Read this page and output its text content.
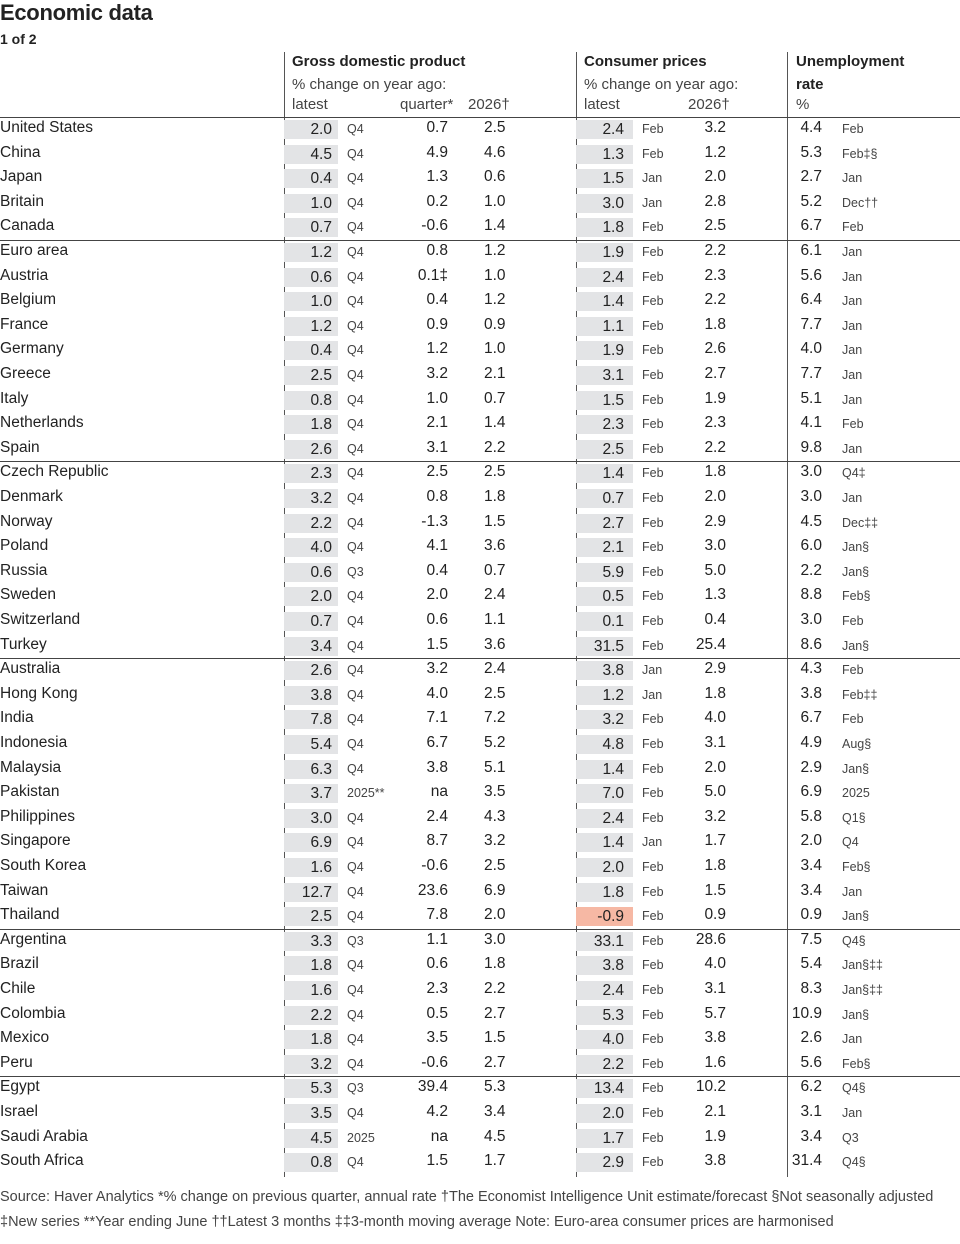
Economic data
1 of 2
Gross domestic product
% change on year ago:
latest	quarter* 2026†
Consumer prices
% change on year ago:
latest	2026†
Unemployment
rate
%
United States	2.0	Q4	0.7 2.5	2.4	Feb	3.2	4.4 Feb
China	4.5	Q4	4.9 4.6	1.3	Feb	1.2	5.3 Feb‡§
Japan	0.4	Q4	1.3 0.6	1.5	Jan	2.0	2.7 Jan
Britain	1.0	Q4	0.2 1.0	3.0	Jan	2.8	5.2 Dec††
Canada	0.7	Q4	-0.6 1.4	1.8	Feb	2.5	6.7 Feb
Euro area	1.2	Q4	0.8 1.2	1.9	Feb	2.2	6.1 Jan
Austria	0.6	Q4	0.1‡ 1.0	2.4	Feb	2.3	5.6 Jan
Belgium	1.0	Q4	0.4 1.2	1.4	Feb	2.2	6.4 Jan
France	1.2	Q4	0.9 0.9	1.1	Feb	1.8	7.7 Jan
Germany	0.4	Q4	1.2 1.0	1.9	Feb	2.6	4.0 Jan
Greece	2.5	Q4	3.2 2.1	3.1	Feb	2.7	7.7 Jan
Italy	0.8	Q4	1.0 0.7	1.5	Feb	1.9	5.1 Jan
Netherlands	1.8	Q4	2.1 1.4	2.3	Feb	2.3	4.1 Feb
Spain	2.6	Q4	3.1 2.2	2.5	Feb	2.2	9.8 Jan
Czech Republic	2.3	Q4	2.5 2.5	1.4	Feb	1.8	3.0 Q4‡
Denmark	3.2	Q4	0.8 1.8	0.7	Feb	2.0	3.0 Jan
Norway	2.2	Q4	-1.3 1.5	2.7	Feb	2.9	4.5 Dec‡‡
Poland	4.0	Q4	4.1 3.6	2.1	Feb	3.0	6.0 Jan§
Russia	0.6	Q3	0.4 0.7	5.9	Feb	5.0	2.2 Jan§
Sweden	2.0	Q4	2.0 2.4	0.5	Feb	1.3	8.8 Feb§
Switzerland	0.7	Q4	0.6 1.1	0.1	Feb	0.4	3.0 Feb
Turkey	3.4	Q4	1.5 3.6	31.5	Feb 25.4	8.6 Jan§
Australia	2.6	Q4	3.2 2.4	3.8	Jan	2.9	4.3 Feb
Hong Kong	3.8	Q4	4.0 2.5	1.2	Jan	1.8	3.8 Feb‡‡
India	7.8	Q4	7.1 7.2	3.2	Feb	4.0	6.7 Feb
Indonesia	5.4	Q4	6.7 5.2	4.8	Feb	3.1	4.9 Aug§
Malaysia	6.3	Q4	3.8 5.1	1.4	Feb	2.0	2.9 Jan§
Pakistan	3.7	2025**	na 3.5	7.0	Feb	5.0	6.9 2025
Philippines	3.0	Q4	2.4 4.3	2.4	Feb	3.2	5.8 Q1§
Singapore	6.9	Q4	8.7 3.2	1.4	Jan	1.7	2.0 Q4
South Korea	1.6	Q4	-0.6 2.5	2.0	Feb	1.8	3.4 Feb§
Taiwan	12.7	Q4	23.6 6.9	1.8	Feb	1.5	3.4 Jan
Thailand	2.5	Q4	7.8 2.0	-0.9	Feb	0.9	0.9 Jan§
Argentina	3.3	Q3	1.1 3.0	33.1	Feb 28.6	7.5 Q4§
Brazil	1.8	Q4	0.6 1.8	3.8	Feb	4.0	5.4 Jan§‡‡
Chile	1.6	Q4	2.3 2.2	2.4	Feb	3.1	8.3 Jan§‡‡
Colombia	2.2	Q4	0.5 2.7	5.3	Feb	5.7	10.9 Jan§
Mexico	1.8	Q4	3.5 1.5	4.0	Feb	3.8	2.6 Jan
Peru	3.2	Q4	-0.6 2.7	2.2	Feb	1.6	5.6 Feb§
Egypt	5.3	Q3	39.4 5.3	13.4	Feb 10.2	6.2 Q4§
Israel	3.5	Q4	4.2 3.4	2.0	Feb	2.1	3.1 Jan
Saudi Arabia	4.5	2025	na 4.5	1.7	Feb	1.9	3.4 Q3
South Africa	0.8	Q4	1.5 1.7	2.9	Feb	3.8	31.4 Q4§
Source: Haver Analytics *% change on previous quarter, annual rate †The Economist Intelligence Unit estimate/forecast §Not seasonally adjusted
‡New series **Year ending June ††Latest 3 months ‡‡3-month moving average Note: Euro-area consumer prices are harmonised
